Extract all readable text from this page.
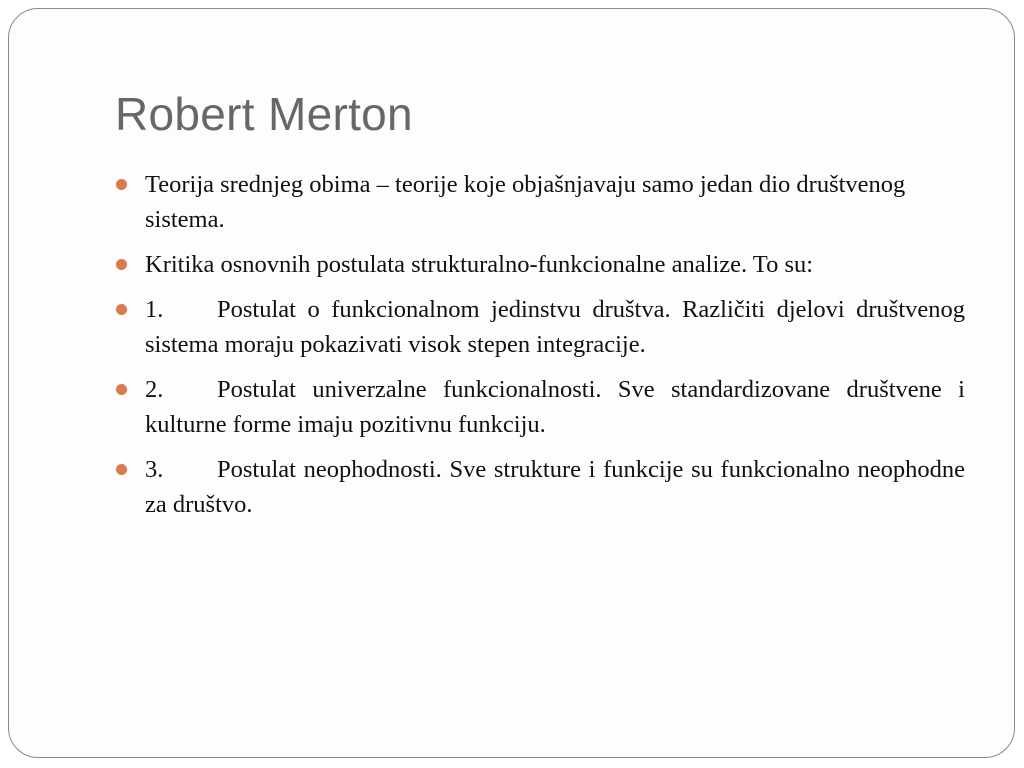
Robert Merton
Teorija srednjeg obima – teorije koje objašnjavaju samo jedan dio društvenog sistema.
Kritika osnovnih postulata strukturalno-funkcionalne analize. To su:
1. Postulat o funkcionalnom jedinstvu društva. Različiti djelovi društvenog sistema moraju pokazivati visok stepen integracije.
2. Postulat univerzalne funkcionalnosti. Sve standardizovane društvene i kulturne forme imaju pozitivnu funkciju.
3. Postulat neophodnosti. Sve strukture i funkcije su funkcionalno neophodne za društvo.
